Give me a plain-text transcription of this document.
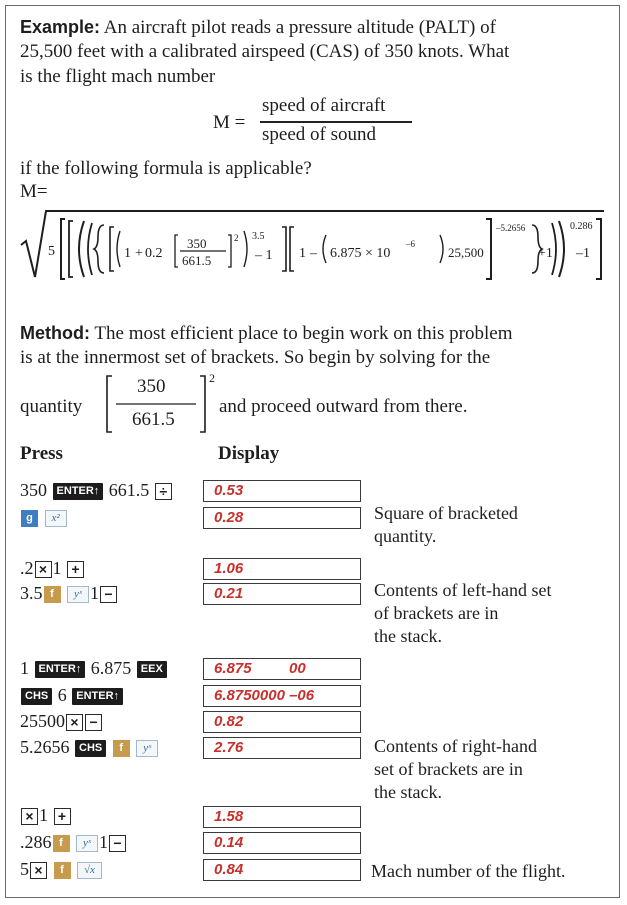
Example: An aircraft pilot reads a pressure altitude (PALT) of
25,500 feet with a calibrated airspeed (CAS) of 350 knots. What
is the flight mach number
M =
speed of aircraft
speed of sound
if the following formula is applicable?
M=
5	1 + 0.2
350
661.5
2 3.5
– 1 1 – 6.875 × 10
–6
25,500
–5.2656
+1
0.286
–1
Method: The most efficient place to begin work on this problem
is at the innermost set of brackets. So begin by solving for the
quantity
350
661.5
2
and proceed outward from there.
Press	Display
350 ENTER↑ 661.5 ÷	0.53
g x²	0.28	Square of bracketed
quantity.
.2 × 1 +	1.06
3.5 f yˣ 1 −	0.21	Contents of left-hand set
of brackets are in
the stack.
1 ENTER↑ 6.875 EEX	6.875         00
CHS 6 ENTER↑	6.8750000 –06
25500 × −	0.82
5.2656 CHS f yˣ	2.76	Contents of right-hand
set of brackets are in
the stack.
× 1 +	1.58
.286 f yˣ 1 −	0.14
5 × f √x	0.84	Mach number of the flight.
